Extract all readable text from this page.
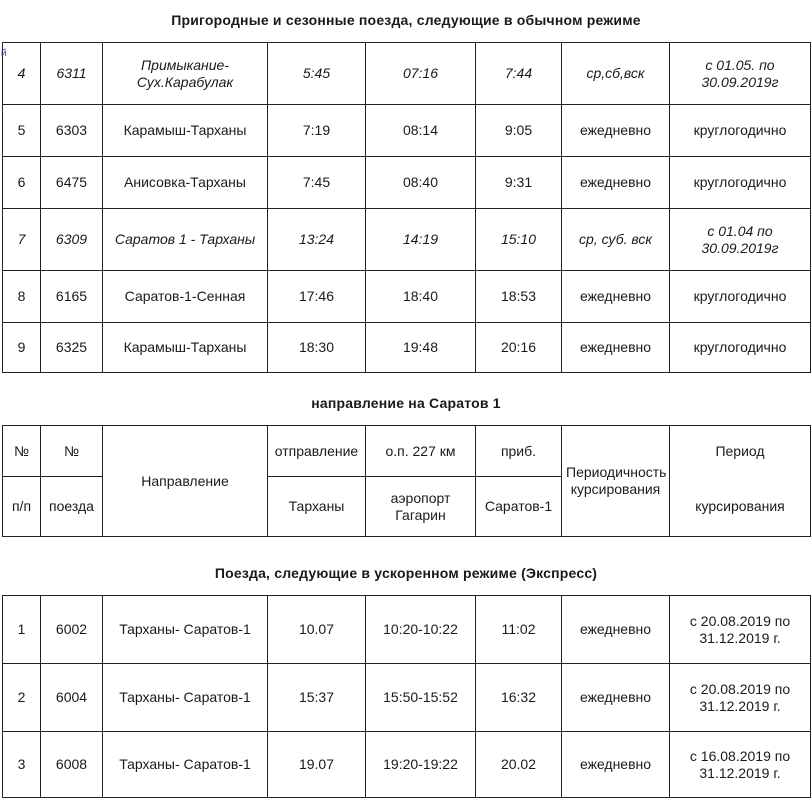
Пригородные и сезонные поезда, следующие в обычном режиме
й
4	6311	Примыкание-Сух.Карабулак	5:45	07:16	7:44	ср,сб,вск	с 01.05. по 30.09.2019г
5	6303	Карамыш-Тарханы	7:19	08:14	9:05	ежедневно	круглогодично
6	6475	Анисовка-Тарханы	7:45	08:40	9:31	ежедневно	круглогодично
7	6309	Саратов 1 - Тарханы	13:24	14:19	15:10	ср, суб. вск	с 01.04 по 30.09.2019г
8	6165	Саратов-1-Сенная	17:46	18:40	18:53	ежедневно	круглогодично
9	6325	Карамыш-Тарханы	18:30	19:48	20:16	ежедневно	круглогодично
направление на Саратов 1
№	№	Направление	отправление	о.п. 227 км	приб.	Периодичность курсирования	Период
п/п	поезда		Тарханы	аэропорт Гагарин	Саратов-1		курсирования
Поезда, следующие в ускоренном режиме (Экспресс)
1	6002	Тарханы- Саратов-1	10.07	10:20-10:22	11:02	ежедневно	с 20.08.2019 по 31.12.2019 г.
2	6004	Тарханы- Саратов-1	15:37	15:50-15:52	16:32	ежедневно	с 20.08.2019 по 31.12.2019 г.
3	6008	Тарханы- Саратов-1	19.07	19:20-19:22	20.02	ежедневно	с 16.08.2019 по 31.12.2019 г.
